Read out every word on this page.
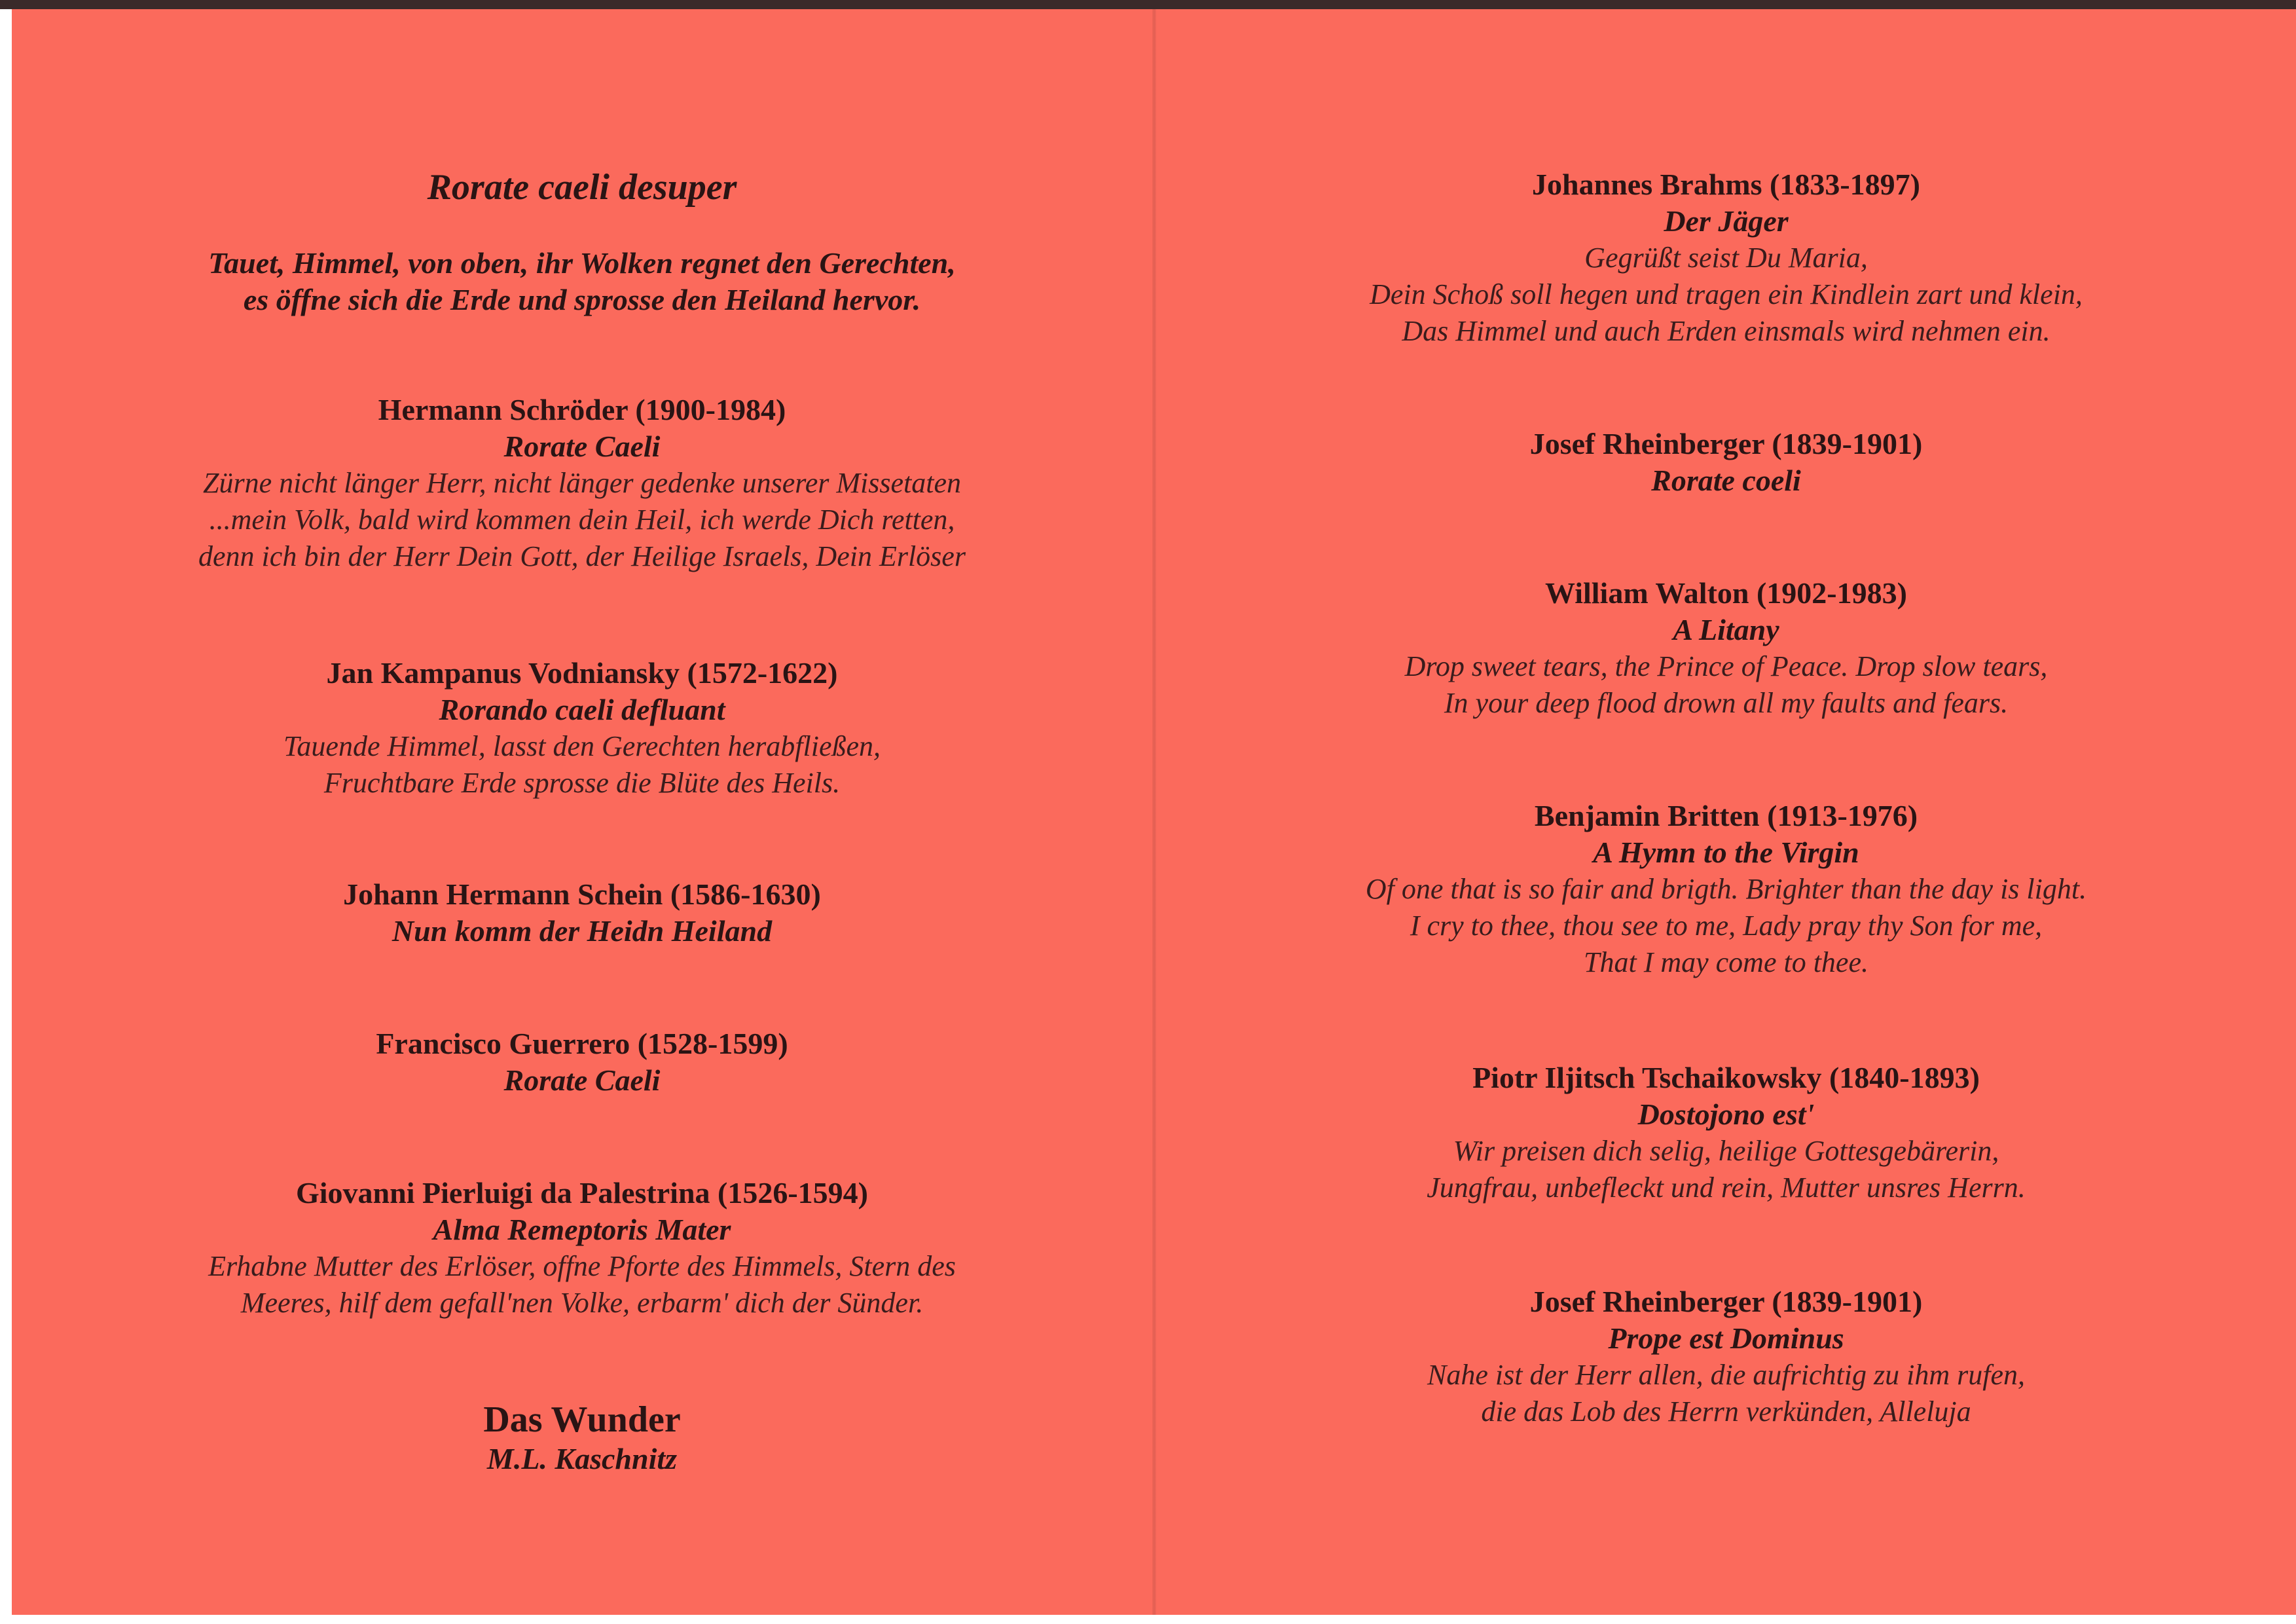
Rorate caeli desuper
Tauet, Himmel, von oben, ihr Wolken regnet den Gerechten,
es öffne sich die Erde und sprosse den Heiland hervor.
Hermann Schröder (1900-1984)
Rorate Caeli
Zürne nicht länger Herr, nicht länger gedenke unserer Missetaten
...mein Volk, bald wird kommen dein Heil, ich werde Dich retten,
denn ich bin der Herr Dein Gott, der Heilige Israels, Dein Erlöser
Jan Kampanus Vodniansky (1572-1622)
Rorando caeli defluant
Tauende Himmel, lasst den Gerechten herabfließen,
Fruchtbare Erde sprosse die Blüte des Heils.
Johann Hermann Schein (1586-1630)
Nun komm der Heidn Heiland
Francisco Guerrero (1528-1599)
Rorate Caeli
Giovanni Pierluigi da Palestrina (1526-1594)
Alma Remeptoris Mater
Erhabne Mutter des Erlöser, offne Pforte des Himmels, Stern des
Meeres, hilf dem gefall'nen Volke, erbarm' dich der Sünder.
Das Wunder
M.L. Kaschnitz
Johannes Brahms (1833-1897)
Der Jäger
Gegrüßt seist Du Maria,
Dein Schoß soll hegen und tragen ein Kindlein zart und klein,
Das Himmel und auch Erden einsmals wird nehmen ein.
Josef Rheinberger (1839-1901)
Rorate coeli
William Walton (1902-1983)
A Litany
Drop sweet tears, the Prince of Peace. Drop slow tears,
In your deep flood drown all my faults and fears.
Benjamin Britten (1913-1976)
A Hymn to the Virgin
Of one that is so fair and brigth. Brighter than the day is light.
I cry to thee, thou see to me, Lady pray thy Son for me,
That I may come to thee.
Piotr Iljitsch Tschaikowsky (1840-1893)
Dostojono est'
Wir preisen dich selig, heilige Gottesgebärerin,
Jungfrau, unbefleckt und rein, Mutter unsres Herrn.
Josef Rheinberger (1839-1901)
Prope est Dominus
Nahe ist der Herr allen, die aufrichtig zu ihm rufen,
die das Lob des Herrn verkünden, Alleluja
